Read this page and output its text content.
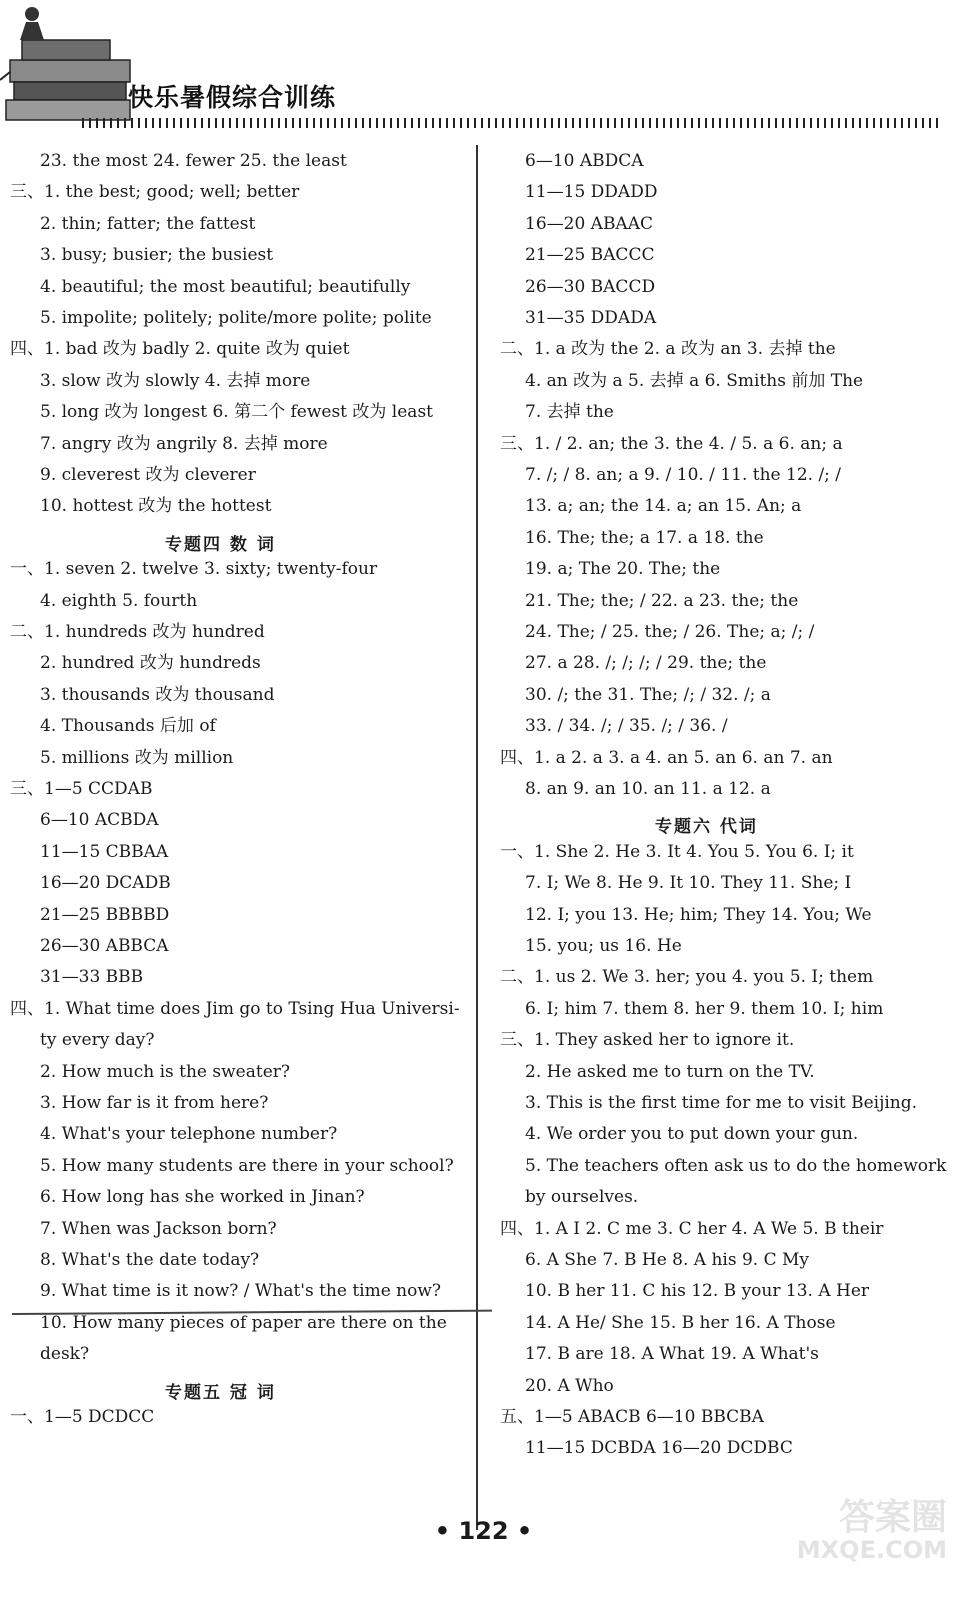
快乐暑假综合训练
23. the most 24. fewer 25. the least
三、1. the best; good; well; better
2. thin; fatter; the fattest
3. busy; busier; the busiest
4. beautiful; the most beautiful; beautifully
5. impolite; politely; polite/more polite; polite
四、1. bad 改为 badly 2. quite 改为 quiet
3. slow 改为 slowly 4. 去掉 more
5. long 改为 longest 6. 第二个 fewest 改为 least
7. angry 改为 angrily 8. 去掉 more
9. cleverest 改为 cleverer
10. hottest 改为 the hottest
专题四 数 词
一、1. seven 2. twelve 3. sixty; twenty-four
4. eighth 5. fourth
二、1. hundreds 改为 hundred
2. hundred 改为 hundreds
3. thousands 改为 thousand
4. Thousands 后加 of
5. millions 改为 million
三、1—5 CCDAB
6—10 ACBDA
11—15 CBBAA
16—20 DCADB
21—25 BBBBD
26—30 ABBCA
31—33 BBB
四、1. What time does Jim go to Tsing Hua Universi-
ty every day?
2. How much is the sweater?
3. How far is it from here?
4. What's your telephone number?
5. How many students are there in your school?
6. How long has she worked in Jinan?
7. When was Jackson born?
8. What's the date today?
9. What time is it now? / What's the time now?
10. How many pieces of paper are there on the
desk?
专题五 冠 词
一、1—5 DCDCC
6—10 ABDCA
11—15 DDADD
16—20 ABAAC
21—25 BACCC
26—30 BACCD
31—35 DDADA
二、1. a 改为 the 2. a 改为 an 3. 去掉 the
4. an 改为 a 5. 去掉 a 6. Smiths 前加 The
7. 去掉 the
三、1. / 2. an; the 3. the 4. / 5. a 6. an; a
7. /; / 8. an; a 9. / 10. / 11. the 12. /; /
13. a; an; the 14. a; an 15. An; a
16. The; the; a 17. a 18. the
19. a; The 20. The; the
21. The; the; / 22. a 23. the; the
24. The; / 25. the; / 26. The; a; /; /
27. a 28. /; /; /; / 29. the; the
30. /; the 31. The; /; / 32. /; a
33. / 34. /; / 35. /; / 36. /
四、1. a 2. a 3. a 4. an 5. an 6. an 7. an
8. an 9. an 10. an 11. a 12. a
专题六 代词
一、1. She 2. He 3. It 4. You 5. You 6. I; it
7. I; We 8. He 9. It 10. They 11. She; I
12. I; you 13. He; him; They 14. You; We
15. you; us 16. He
二、1. us 2. We 3. her; you 4. you 5. I; them
6. I; him 7. them 8. her 9. them 10. I; him
三、1. They asked her to ignore it.
2. He asked me to turn on the TV.
3. This is the first time for me to visit Beijing.
4. We order you to put down your gun.
5. The teachers often ask us to do the homework
by ourselves.
四、1. A I 2. C me 3. C her 4. A We 5. B their
6. A She 7. B He 8. A his 9. C My
10. B her 11. C his 12. B your 13. A Her
14. A He/ She 15. B her 16. A Those
17. B are 18. A What 19. A What's
20. A Who
五、1—5 ABACB 6—10 BBCBA
11—15 DCBDA 16—20 DCDBC
• 122 •	答案圈
MXQE.COM
